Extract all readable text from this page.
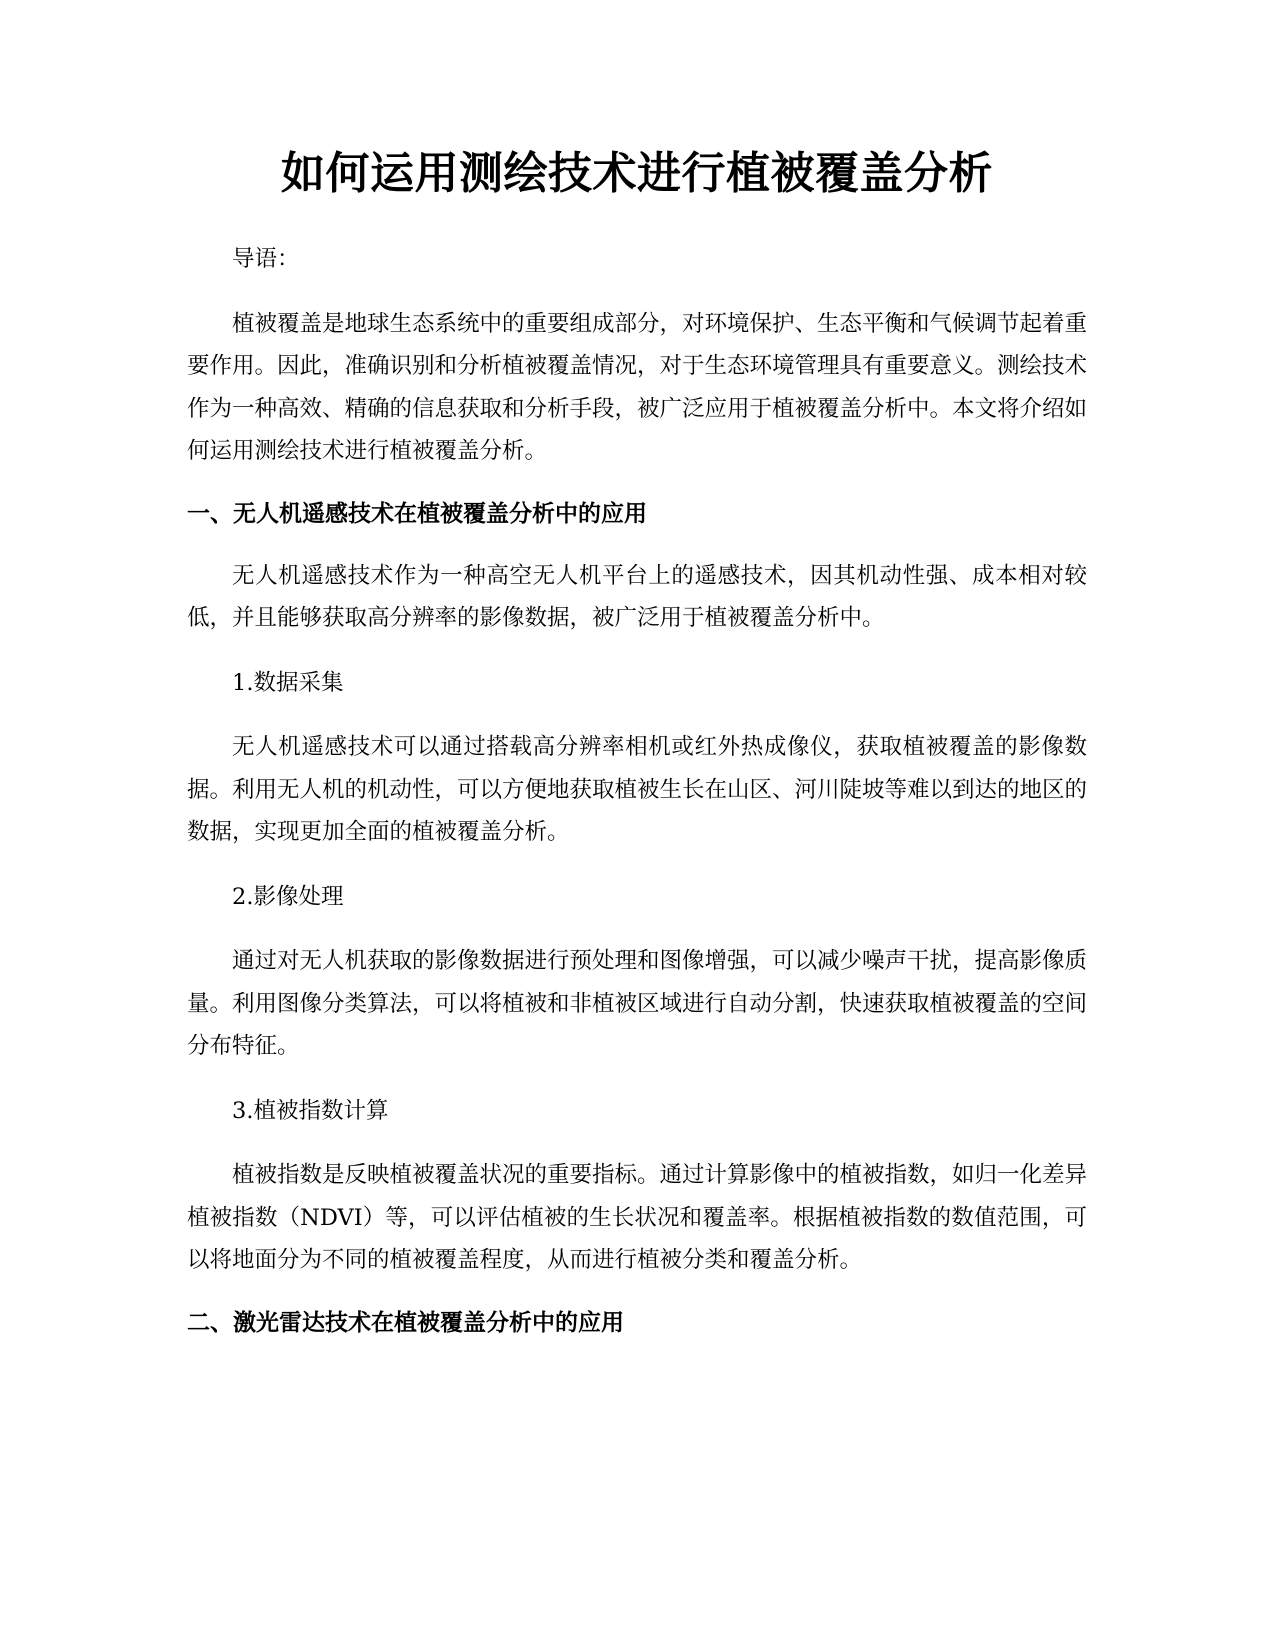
如何运用测绘技术进行植被覆盖分析

导语：

植被覆盖是地球生态系统中的重要组成部分，对环境保护、生态平衡和气候调节起着重要作用。因此，准确识别和分析植被覆盖情况，对于生态环境管理具有重要意义。测绘技术作为一种高效、精确的信息获取和分析手段，被广泛应用于植被覆盖分析中。本文将介绍如何运用测绘技术进行植被覆盖分析。

一、无人机遥感技术在植被覆盖分析中的应用

无人机遥感技术作为一种高空无人机平台上的遥感技术，因其机动性强、成本相对较低，并且能够获取高分辨率的影像数据，被广泛用于植被覆盖分析中。

1.数据采集

无人机遥感技术可以通过搭载高分辨率相机或红外热成像仪，获取植被覆盖的影像数据。利用无人机的机动性，可以方便地获取植被生长在山区、河川陡坡等难以到达的地区的数据，实现更加全面的植被覆盖分析。

2.影像处理

通过对无人机获取的影像数据进行预处理和图像增强，可以减少噪声干扰，提高影像质量。利用图像分类算法，可以将植被和非植被区域进行自动分割，快速获取植被覆盖的空间分布特征。

3.植被指数计算

植被指数是反映植被覆盖状况的重要指标。通过计算影像中的植被指数，如归一化差异植被指数（NDVI）等，可以评估植被的生长状况和覆盖率。根据植被指数的数值范围，可以将地面分为不同的植被覆盖程度，从而进行植被分类和覆盖分析。

二、激光雷达技术在植被覆盖分析中的应用
